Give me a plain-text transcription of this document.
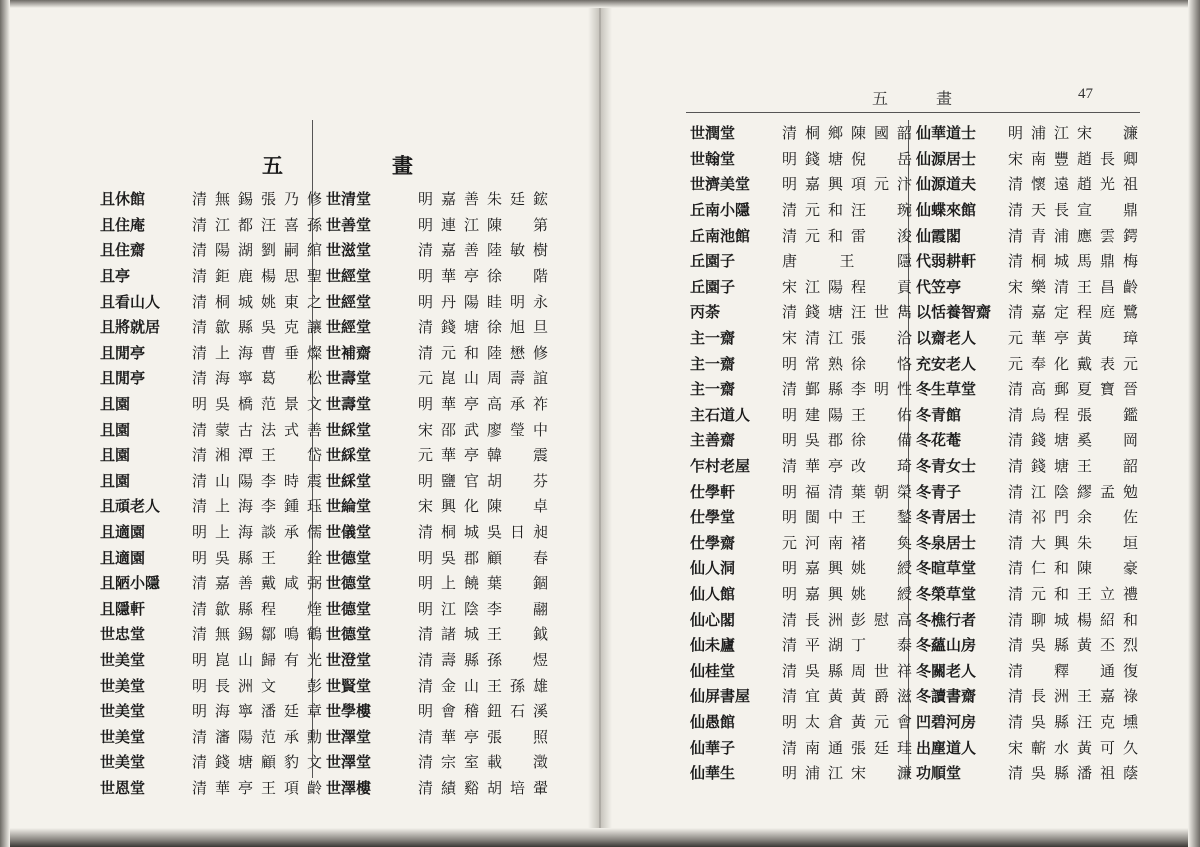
五　畫
五　畫	47
且休館	清無錫張乃修
且住庵	清江都汪喜孫
且住齋	清陽湖劉嗣綰
且亭	清鉅鹿楊思聖
且看山人	清桐城姚東之
且將就居	清歙縣吳克讓
且閒亭	清上海曹垂燦
且閒亭	清海寧葛　松
且園	明吳橋范景文
且園	清蒙古法式善
且園	清湘潭王　岱
且園	清山陽李時震
且頑老人	清上海李鍾珏
且適園	明上海談承儒
且適園	明吳縣王　銓
且陋小隱	清嘉善戴咸弼
且隱軒	清歙縣程　煃
世忠堂	清無錫鄒鳴鶴
世美堂	明崑山歸有光
世美堂	明長洲文　彭
世美堂	明海寧潘廷章
世美堂	清瀋陽范承勳
世美堂	清錢塘顧豹文
世恩堂	清華亭王項齡
世清堂	明嘉善朱廷鋐
世善堂	明連江陳　第
世滋堂	清嘉善陸敏樹
世經堂	明華亭徐　階
世經堂	明丹陽眭明永
世經堂	清錢塘徐旭旦
世補齋	清元和陸懋修
世壽堂	元崑山周壽誼
世壽堂	明華亭高承祚
世綵堂	宋邵武廖瑩中
世綵堂	元華亭韓　震
世綵堂	明鹽官胡　芬
世綸堂	宋興化陳　卓
世儀堂	清桐城吳日昶
世德堂	明吳郡顧　春
世德堂	明上饒葉　錮
世德堂	明江陰李　翮
世德堂	清諸城王　鉞
世澄堂	清壽縣孫　煜
世賢堂	清金山王孫雄
世學樓	明會稽鈕石溪
世澤堂	清華亭張　照
世澤堂	清宗室載　澂
世澤樓	清績谿胡培翬
世潤堂	清桐鄉陳國韶
世翰堂	明錢塘倪　岳
世濟美堂	明嘉興項元汴
丘南小隱	清元和汪　琬
丘南池館	清元和雷　浚
丘園子	唐　王　隱
丘園子	宋江陽程　貢
丙荼	清錢塘汪世雋
主一齋	宋清江張　洽
主一齋	明常熟徐　恪
主一齋	清鄞縣李明性
主石道人	明建陽王　佑
主善齋	明吳郡徐　備
乍村老屋	清華亭改　琦
仕學軒	明福清葉朝榮
仕學堂	明閩中王　鍫
仕學齋	元河南褚　奐
仙人洞	明嘉興姚　綬
仙人館	明嘉興姚　綬
仙心閣	清長洲彭慰高
仙未廬	清平湖丁　泰
仙桂堂	清吳縣周世祥
仙屏書屋	清宜黃黃爵滋
仙愚館	明太倉黃元會
仙華子	清南通張廷珪
仙華生	明浦江宋　濂
仙華道士	明浦江宋　濂
仙源居士	宋南豐趙長卿
仙源道夫	清懷遠趙光祖
仙蝶來館	清天長宣　鼎
仙霞閣	清青浦應雲鍔
代弱耕軒	清桐城馬鼎梅
代笠亭	宋樂清王昌齡
以恬養智齋	清嘉定程庭鷺
以齋老人	元華亭黃　璋
充安老人	元奉化戴表元
冬生草堂	清高郵夏寶晉
冬青館	清烏程張　鑑
冬花菴	清錢塘奚　岡
冬青女士	清錢塘王　韶
冬青子	清江陰繆孟勉
冬青居士	清祁門余　佐
冬泉居士	清大興朱　垣
冬暄草堂	清仁和陳　豪
冬榮草堂	清元和王立禮
冬樵行者	清聊城楊紹和
冬蘊山房	清吳縣黃丕烈
冬關老人	清　釋　通復
冬讀書齋	清長洲王嘉祿
凹碧河房	清吳縣汪克壎
出塵道人	宋蘄水黃可久
功順堂	清吳縣潘祖蔭
